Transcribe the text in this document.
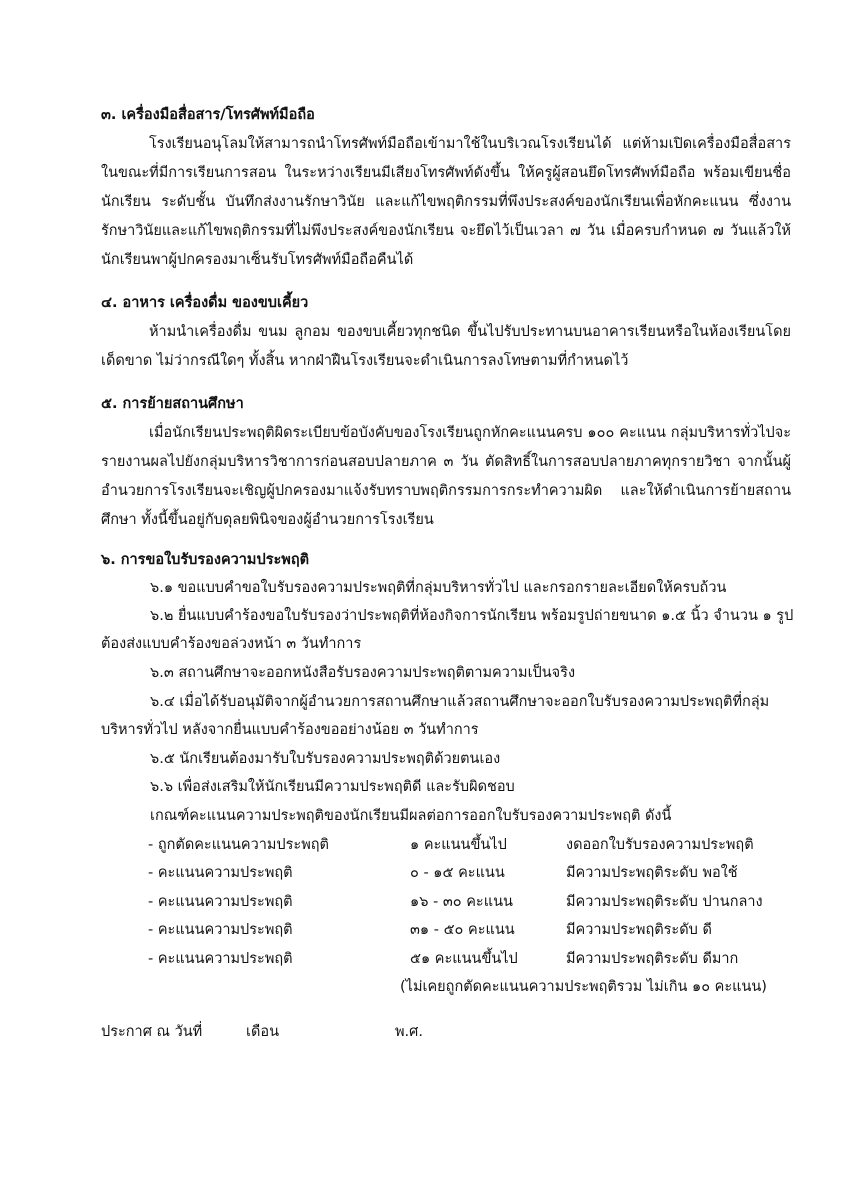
๓. เครื่องมือสื่อสาร/โทรศัพท์มือถือ
โรงเรียนอนุโลมให้สามารถนำโทรศัพท์มือถือเข้ามาใช้ในบริเวณโรงเรียนได้ แต่ห้ามเปิดเครื่องมือสื่อสารในขณะที่มีการเรียนการสอน ในระหว่างเรียนมีเสียงโทรศัพท์ดังขึ้น ให้ครูผู้สอนยึดโทรศัพท์มือถือ พร้อมเขียนชื่อนักเรียน ระดับชั้น บันทึกส่งงานรักษาวินัย และแก้ไขพฤติกรรมที่พึงประสงค์ของนักเรียนเพื่อหักคะแนน ซึ่งงานรักษาวินัยและแก้ไขพฤติกรรมที่ไม่พึงประสงค์ของนักเรียน จะยึดไว้เป็นเวลา ๗ วัน เมื่อครบกำหนด ๗ วันแล้วให้นักเรียนพาผู้ปกครองมาเซ็นรับโทรศัพท์มือถือคืนได้
๔. อาหาร เครื่องดื่ม ของขบเคี้ยว
ห้ามนำเครื่องดื่ม ขนม ลูกอม ของขบเคี้ยวทุกชนิด ขึ้นไปรับประทานบนอาคารเรียนหรือในห้องเรียนโดยเด็ดขาด ไม่ว่ากรณีใดๆ ทั้งสิ้น หากฝ่าฝืนโรงเรียนจะดำเนินการลงโทษตามที่กำหนดไว้
๕. การย้ายสถานศึกษา
เมื่อนักเรียนประพฤติผิดระเบียบข้อบังคับของโรงเรียนถูกหักคะแนนครบ ๑๐๐ คะแนน กลุ่มบริหารทั่วไปจะรายงานผลไปยังกลุ่มบริหารวิชาการก่อนสอบปลายภาค ๓ วัน ตัดสิทธิ์ในการสอบปลายภาคทุกรายวิชา จากนั้นผู้อำนวยการโรงเรียนจะเชิญผู้ปกครองมาแจ้งรับทราบพฤติกรรมการกระทำความผิด และให้ดำเนินการย้ายสถานศึกษา ทั้งนี้ขึ้นอยู่กับดุลยพินิจของผู้อำนวยการโรงเรียน
๖. การขอใบรับรองความประพฤติ
๖.๑ ขอแบบคำขอใบรับรองความประพฤติที่กลุ่มบริหารทั่วไป และกรอกรายละเอียดให้ครบถ้วน
๖.๒ ยื่นแบบคำร้องขอใบรับรองว่าประพฤติที่ห้องกิจการนักเรียน พร้อมรูปถ่ายขนาด ๑.๕ นิ้ว จำนวน ๑ รูป
ต้องส่งแบบคำร้องขอล่วงหน้า ๓ วันทำการ
๖.๓ สถานศึกษาจะออกหนังสือรับรองความประพฤติตามความเป็นจริง
๖.๔ เมื่อได้รับอนุมัติจากผู้อำนวยการสถานศึกษาแล้วสถานศึกษาจะออกใบรับรองความประพฤติที่กลุ่ม
บริหารทั่วไป หลังจากยื่นแบบคำร้องขออย่างน้อย ๓ วันทำการ
๖.๕ นักเรียนต้องมารับใบรับรองความประพฤติด้วยตนเอง
๖.๖ เพื่อส่งเสริมให้นักเรียนมีความประพฤติดี และรับผิดชอบ
เกณฑ์คะแนนความประพฤติของนักเรียนมีผลต่อการออกใบรับรองความประพฤติ ดังนี้
- ถูกตัดคะแนนความประพฤติ	๑ คะแนนขึ้นไป	งดออกใบรับรองความประพฤติ
- คะแนนความประพฤติ	๐ - ๑๕ คะแนน	มีความประพฤติระดับ พอใช้
- คะแนนความประพฤติ	๑๖ - ๓๐ คะแนน	มีความประพฤติระดับ ปานกลาง
- คะแนนความประพฤติ	๓๑ - ๕๐ คะแนน	มีความประพฤติระดับ ดี
- คะแนนความประพฤติ	๕๑ คะแนนขึ้นไป	มีความประพฤติระดับ ดีมาก
(ไม่เคยถูกตัดคะแนนความประพฤติรวม ไม่เกิน ๑๐ คะแนน)
ประกาศ ณ วันที่	เดือน	พ.ศ.
